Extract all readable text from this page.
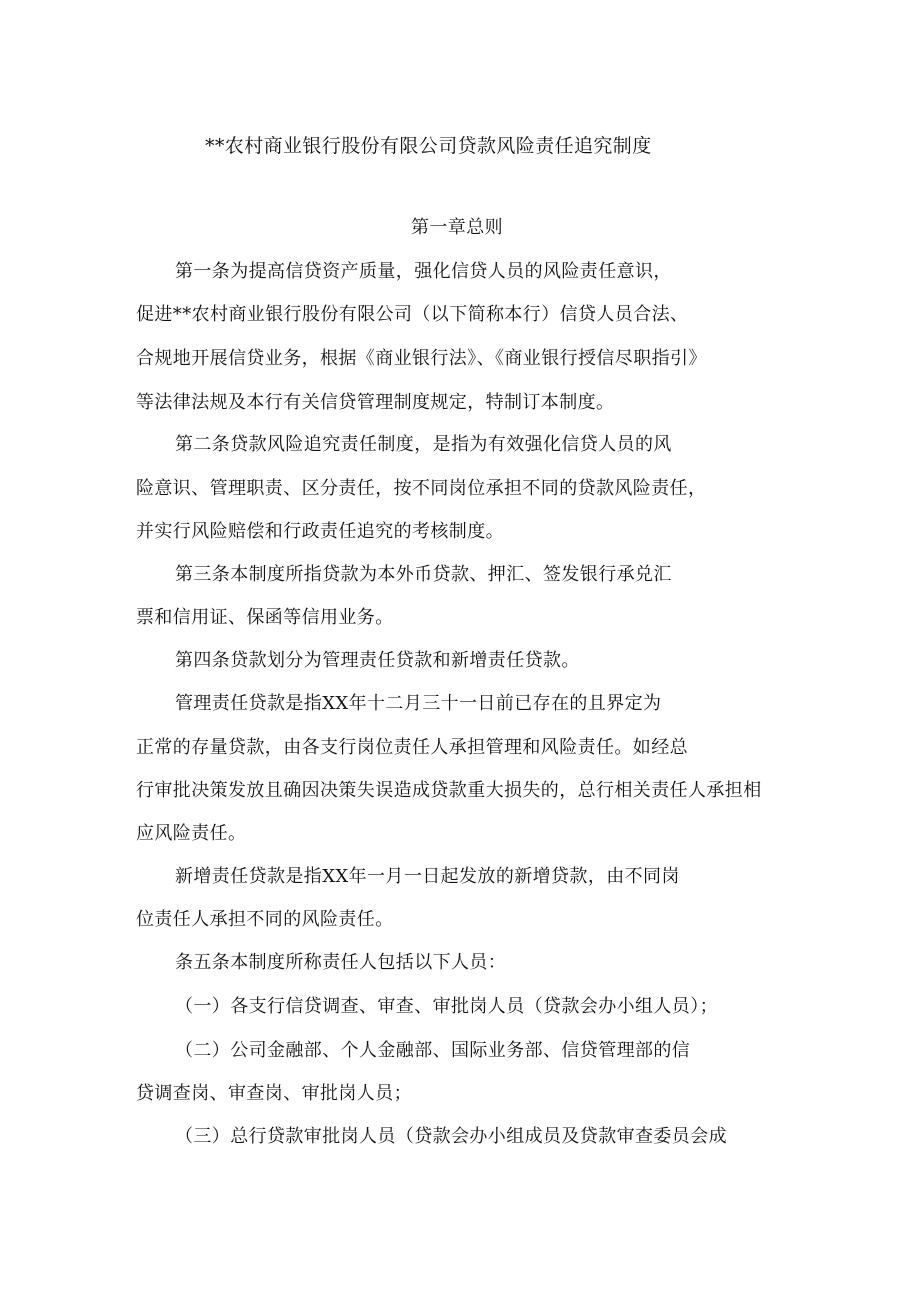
**农村商业银行股份有限公司贷款风险责任追究制度
第一章总则
第一条为提高信贷资产质量，强化信贷人员的风险责任意识，
促进**农村商业银行股份有限公司（以下简称本行）信贷人员合法、
合规地开展信贷业务，根据《商业银行法》、《商业银行授信尽职指引》
等法律法规及本行有关信贷管理制度规定，特制订本制度。
第二条贷款风险追究责任制度，是指为有效强化信贷人员的风
险意识、管理职责、区分责任，按不同岗位承担不同的贷款风险责任，
并实行风险赔偿和行政责任追究的考核制度。
第三条本制度所指贷款为本外币贷款、押汇、签发银行承兑汇
票和信用证、保函等信用业务。
第四条贷款划分为管理责任贷款和新增责任贷款。
管理责任贷款是指XX年十二月三十一日前已存在的且界定为
正常的存量贷款，由各支行岗位责任人承担管理和风险责任。如经总
行审批决策发放且确因决策失误造成贷款重大损失的，总行相关责任人承担相
应风险责任。
新增责任贷款是指XX年一月一日起发放的新增贷款，由不同岗
位责任人承担不同的风险责任。
条五条本制度所称责任人包括以下人员：
（一）各支行信贷调查、审查、审批岗人员（贷款会办小组人员）；
（二）公司金融部、个人金融部、国际业务部、信贷管理部的信
贷调查岗、审查岗、审批岗人员；
（三）总行贷款审批岗人员（贷款会办小组成员及贷款审查委员会成
